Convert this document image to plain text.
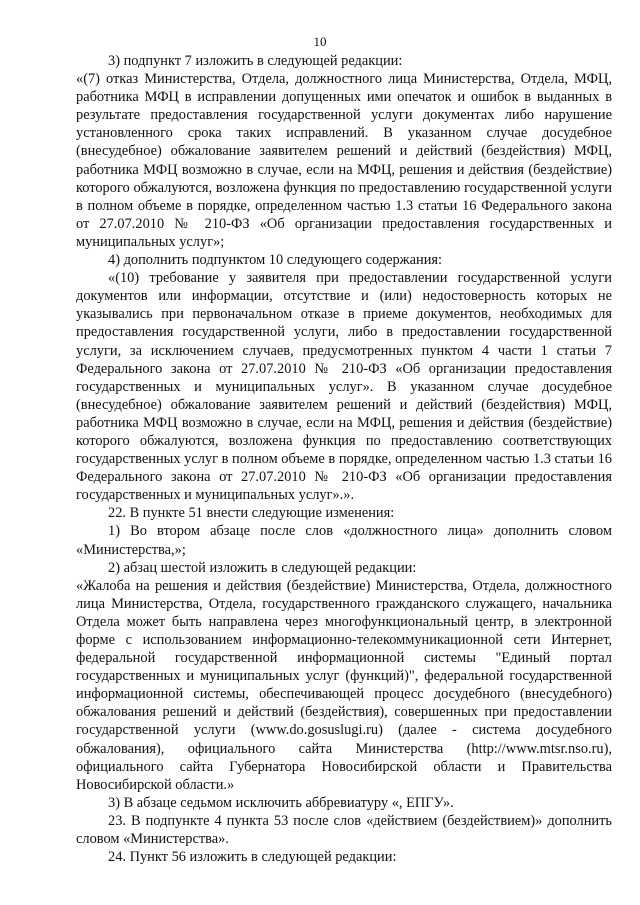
10

3) подпункт 7 изложить в следующей редакции:

«(7) отказ Министерства, Отдела, должностного лица Министерства, Отдела, МФЦ, работника МФЦ в исправлении допущенных ими опечаток и ошибок в выданных в результате предоставления государственной услуги документах либо нарушение установленного срока таких исправлений. В указанном случае досудебное (внесудебное) обжалование заявителем решений и действий (бездействия) МФЦ, работника МФЦ возможно в случае, если на МФЦ, решения и действия (бездействие) которого обжалуются, возложена функция по предоставлению государственной услуги в полном объеме в порядке, определенном частью 1.3 статьи 16 Федерального закона от 27.07.2010 № 210-ФЗ «Об организации предоставления государственных и муниципальных услуг»;

4) дополнить подпунктом 10 следующего содержания:

«(10) требование у заявителя при предоставлении государственной услуги документов или информации, отсутствие и (или) недостоверность которых не указывались при первоначальном отказе в приеме документов, необходимых для предоставления государственной услуги, либо в предоставлении государственной услуги, за исключением случаев, предусмотренных пунктом 4 части 1 статьи 7 Федерального закона от 27.07.2010 № 210-ФЗ «Об организации предоставления государственных и муниципальных услуг». В указанном случае досудебное (внесудебное) обжалование заявителем решений и действий (бездействия) МФЦ, работника МФЦ возможно в случае, если на МФЦ, решения и действия (бездействие) которого обжалуются, возложена функция по предоставлению соответствующих государственных услуг в полном объеме в порядке, определенном частью 1.3 статьи 16 Федерального закона от 27.07.2010 № 210-ФЗ «Об организации предоставления государственных и муниципальных услуг».».

22. В пункте 51 внести следующие изменения:

1) Во втором абзаце после слов «должностного лица» дополнить словом «Министерства,»;

2) абзац шестой изложить в следующей редакции:

«Жалоба на решения и действия (бездействие) Министерства, Отдела, должностного лица Министерства, Отдела, государственного гражданского служащего, начальника Отдела может быть направлена через многофункциональный центр, в электронной форме с использованием информационно-телекоммуникационной сети Интернет, федеральной государственной информационной системы "Единый портал государственных и муниципальных услуг (функций)", федеральной государственной информационной системы, обеспечивающей процесс досудебного (внесудебного) обжалования решений и действий (бездействия), совершенных при предоставлении государственной услуги (www.do.gosuslugi.ru) (далее - система досудебного обжалования), официального сайта Министерства (http://www.mtsr.nso.ru), официального сайта Губернатора Новосибирской области и Правительства Новосибирской области.»

3) В абзаце седьмом исключить аббревиатуру «, ЕПГУ».

23. В подпункте 4 пункта 53 после слов «действием (бездействием)» дополнить словом «Министерства».

24. Пункт 56 изложить в следующей редакции:
